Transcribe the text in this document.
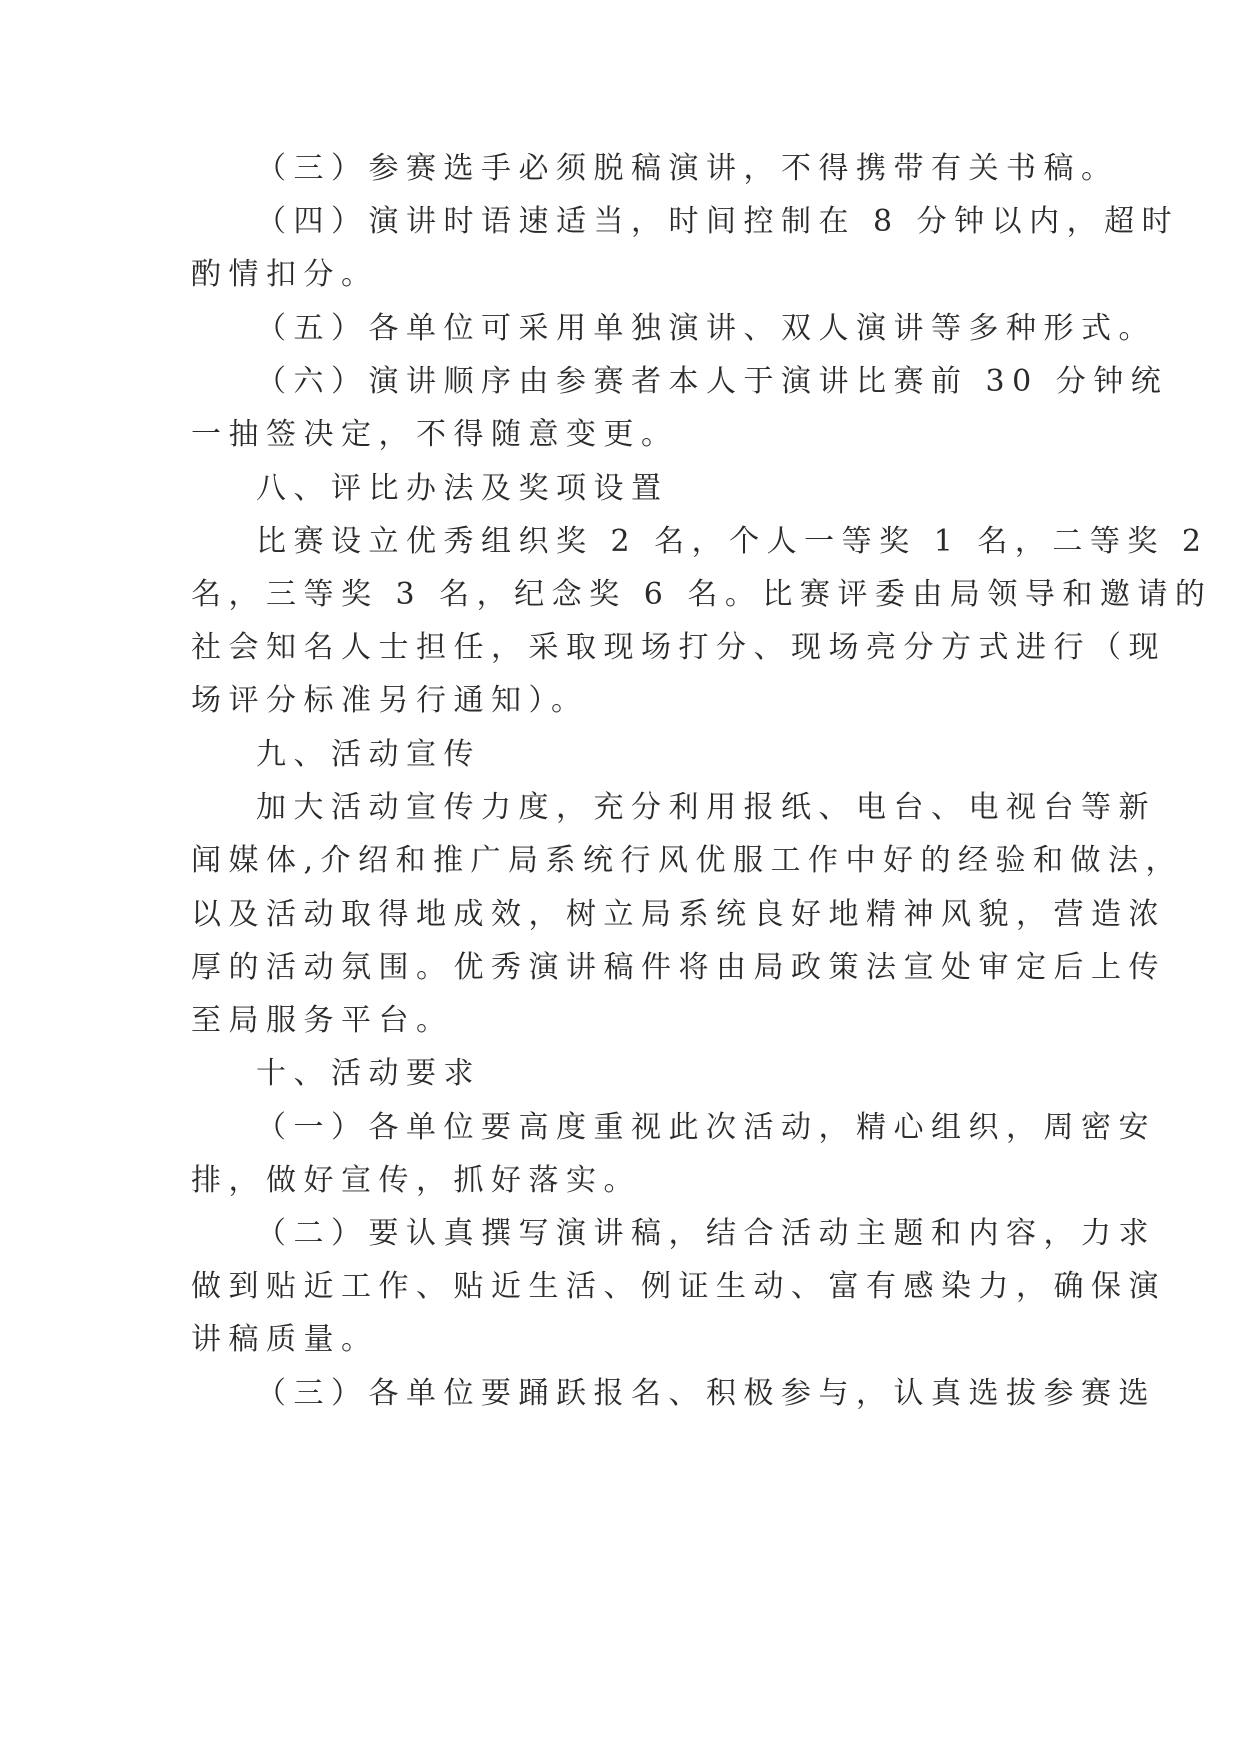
（三）参赛选手必须脱稿演讲，不得携带有关书稿。
（四）演讲时语速适当，时间控制在 8 分钟以内，超时
酌情扣分。
（五）各单位可采用单独演讲、双人演讲等多种形式。
（六）演讲顺序由参赛者本人于演讲比赛前 30 分钟统
一抽签决定，不得随意变更。
八、评比办法及奖项设置
比赛设立优秀组织奖 2 名，个人一等奖 1 名，二等奖 2
名，三等奖 3 名，纪念奖 6 名。比赛评委由局领导和邀请的
社会知名人士担任，采取现场打分、现场亮分方式进行（现
场评分标准另行通知）。
九、活动宣传
加大活动宣传力度，充分利用报纸、电台、电视台等新
闻媒体,介绍和推广局系统行风优服工作中好的经验和做法，
以及活动取得地成效，树立局系统良好地精神风貌，营造浓
厚的活动氛围。优秀演讲稿件将由局政策法宣处审定后上传
至局服务平台。
十、活动要求
（一）各单位要高度重视此次活动，精心组织，周密安
排，做好宣传，抓好落实。
（二）要认真撰写演讲稿，结合活动主题和内容，力求
做到贴近工作、贴近生活、例证生动、富有感染力，确保演
讲稿质量。
（三）各单位要踊跃报名、积极参与，认真选拔参赛选
